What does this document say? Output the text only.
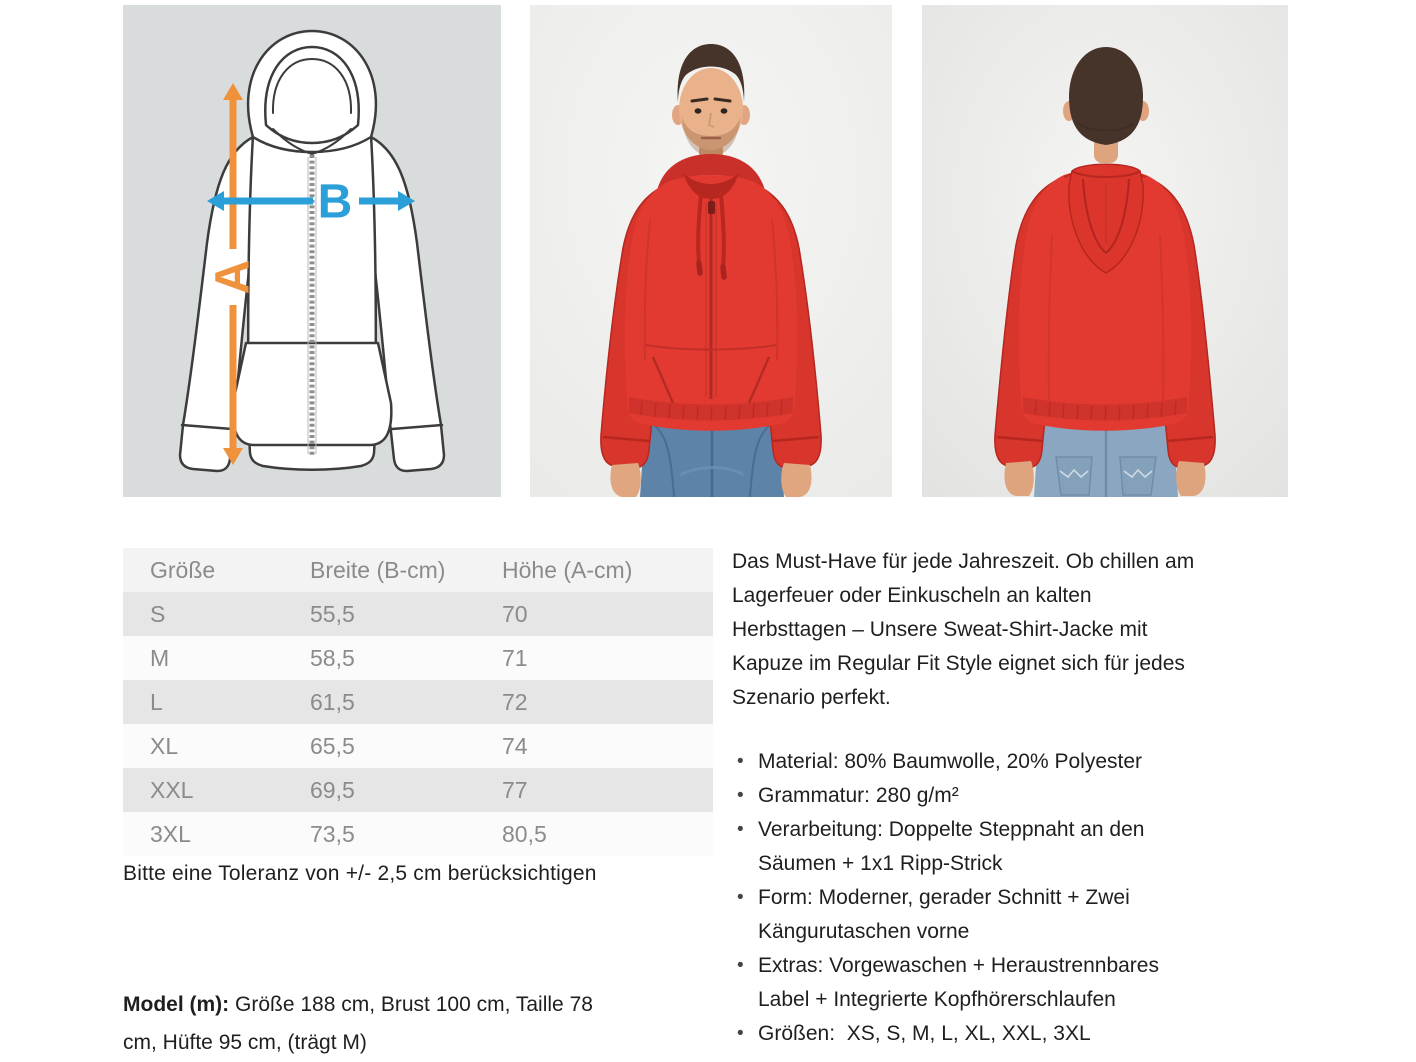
A
B
Größe	Breite (B-cm)	Höhe (A-cm)
S	55,5	70
M	58,5	71
L	61,5	72
XL	65,5	74
XXL	69,5	77
3XL	73,5	80,5

Bitte eine Toleranz von +/- 2,5 cm berücksichtigen

Model (m): Größe 188 cm, Brust 100 cm, Taille 78 cm, Hüfte 95 cm, (trägt M)

Das Must-Have für jede Jahreszeit. Ob chillen am Lagerfeuer oder Einkuscheln an kalten Herbsttagen – Unsere Sweat-Shirt-Jacke mit Kapuze im Regular Fit Style eignet sich für jedes Szenario perfekt.

• Material: 80% Baumwolle, 20% Polyester
• Grammatur: 280 g/m²
• Verarbeitung: Doppelte Steppnaht an den Säumen + 1x1 Ripp-Strick
• Form: Moderner, gerader Schnitt + Zwei Kängurutaschen vorne
• Extras: Vorgewaschen + Heraustrennbares Label + Integrierte Kopfhörerschlaufen
• Größen:  XS, S, M, L, XL, XXL, 3XL
